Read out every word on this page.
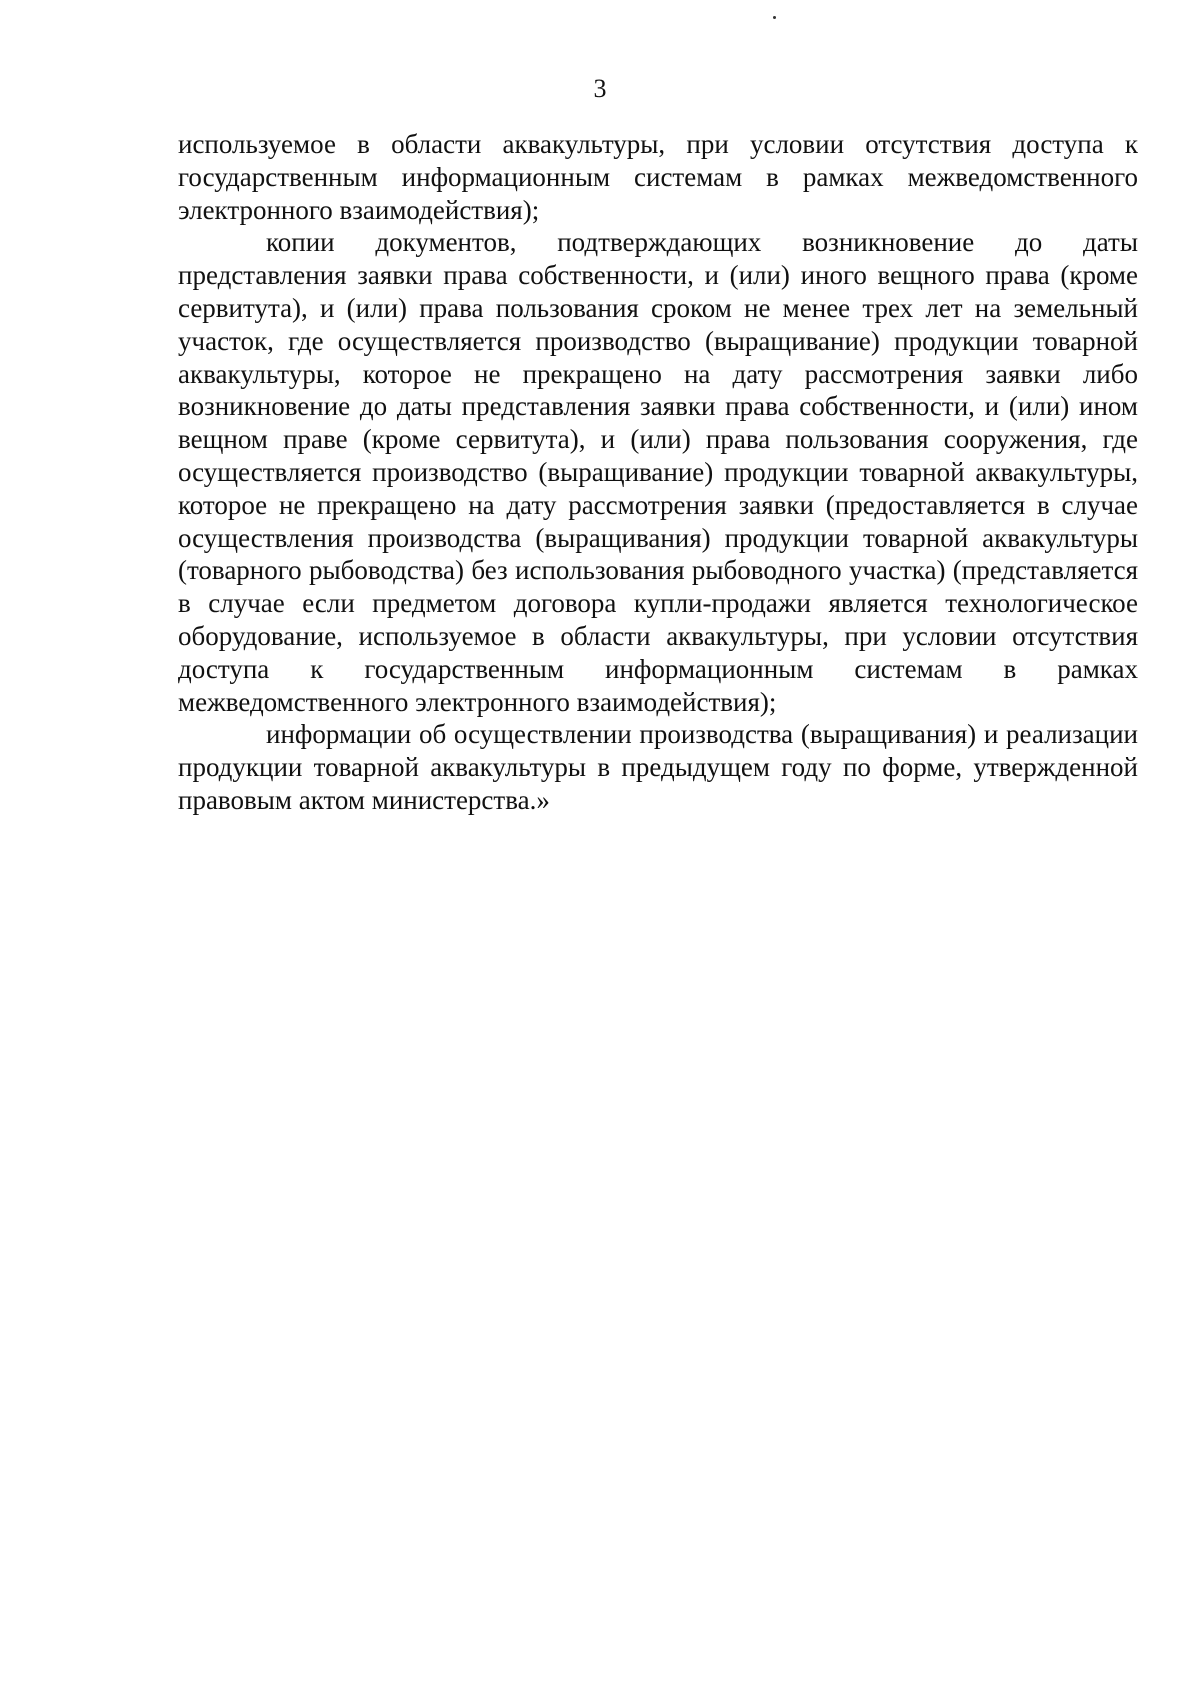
3

используемое в области аквакультуры, при условии отсутствия доступа к государственным информационным системам в рамках межведомственного электронного взаимодействия);

копии документов, подтверждающих возникновение до даты представления заявки права собственности, и (или) иного вещного права (кроме сервитута), и (или) права пользования сроком не менее трех лет на земельный участок, где осуществляется производство (выращивание) продукции товарной аквакультуры, которое не прекращено на дату рассмотрения заявки либо возникновение до даты представления заявки права собственности, и (или) ином вещном праве (кроме сервитута), и (или) права пользования сооружения, где осуществляется производство (выращивание) продукции товарной аквакультуры, которое не прекращено на дату рассмотрения заявки (предоставляется в случае осуществления производства (выращивания) продукции товарной аквакультуры (товарного рыбоводства) без использования рыбоводного участка) (представляется в случае если предметом договора купли-продажи является технологическое оборудование, используемое в области аквакультуры, при условии отсутствия доступа к государственным информационным системам в рамках межведомственного электронного взаимодействия);

информации об осуществлении производства (выращивания) и реализации продукции товарной аквакультуры в предыдущем году по форме, утвержденной правовым актом министерства.»
